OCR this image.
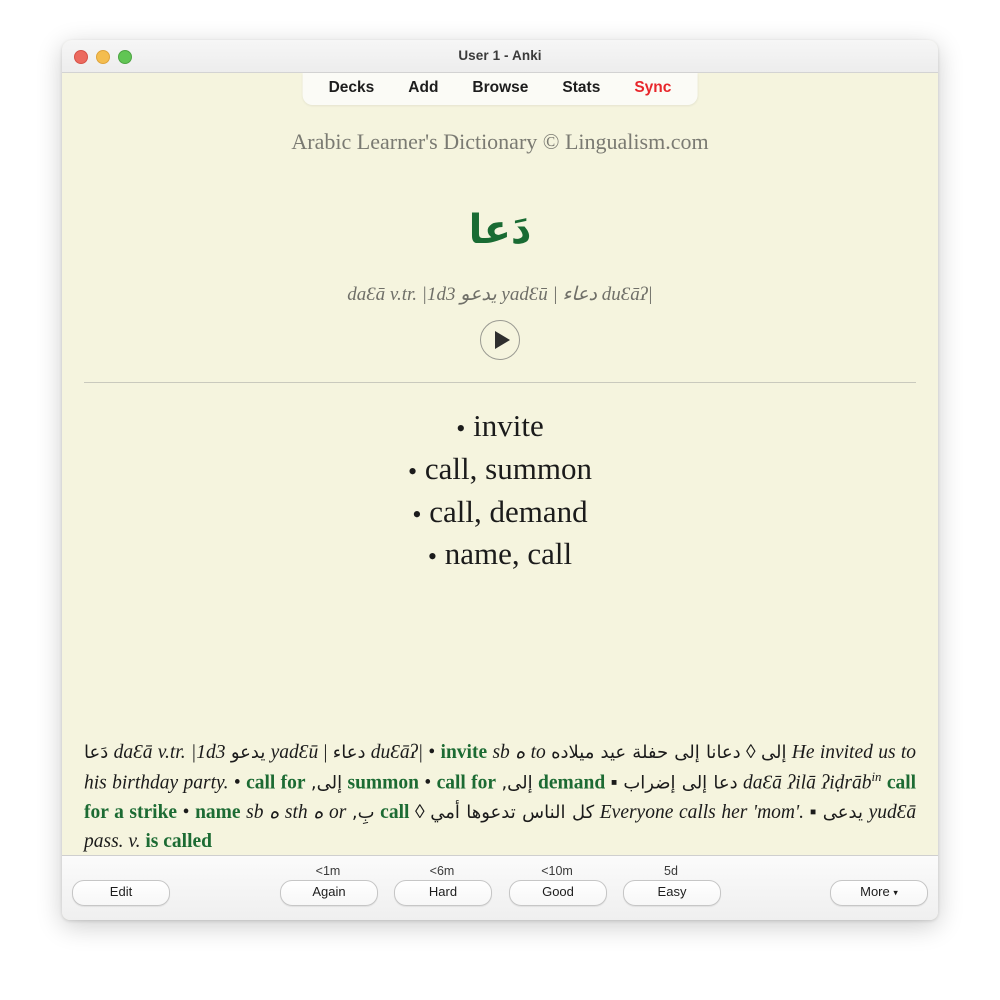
User 1 - Anki
Decks Add Browse Stats Sync
Arabic Learner's Dictionary © Lingualism.com
دَعا
daƐā v.tr. |1d3 يدعو yadƐū | دعاء duƐāʔ|
• invite
• call, summon
• call, demand
• name, call
دَعا daƐā v.tr. |1d3 يدعو yadƐū | دعاء duƐāʔ| • invite sb ه to	إلى ◊ دعانا إلى حفلة عيد ميلاده	He invited us to his birthday party. • call for إلى, summon • call for إلى, demand ▪ دعا إلى إضراب daƐā ʔilā ʔiḍrāb$^{in}$ call for a strike • name sb ه sth ه or بِ, call ◊ كل الناس تدعوها أمي Everyone calls her 'mom'. ▪ يدعى yudƐā pass. v. is called
Edit
<1m
Again
<6m
Hard
<10m
Good
5d
Easy	More ▾
